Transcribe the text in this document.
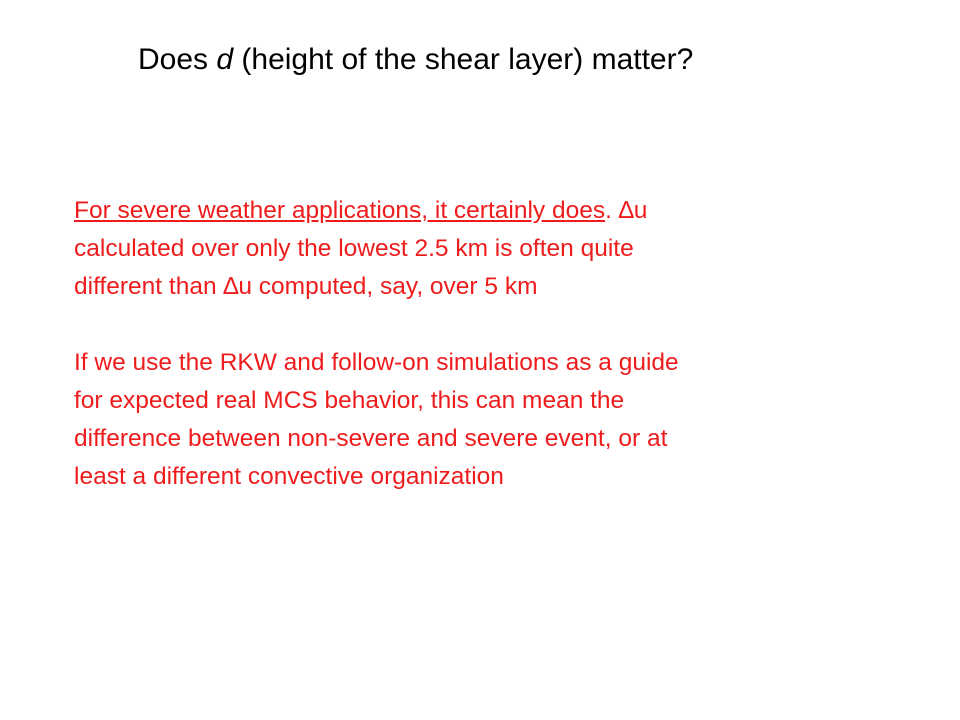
Does d (height of the shear layer) matter?

For severe weather applications, it certainly does. ∆u
calculated over only the lowest 2.5 km is often quite
different than ∆u computed, say, over 5 km

If we use the RKW and follow-on simulations as a guide
for expected real MCS behavior, this can mean the
difference between non-severe and severe event, or at
least a different convective organization
